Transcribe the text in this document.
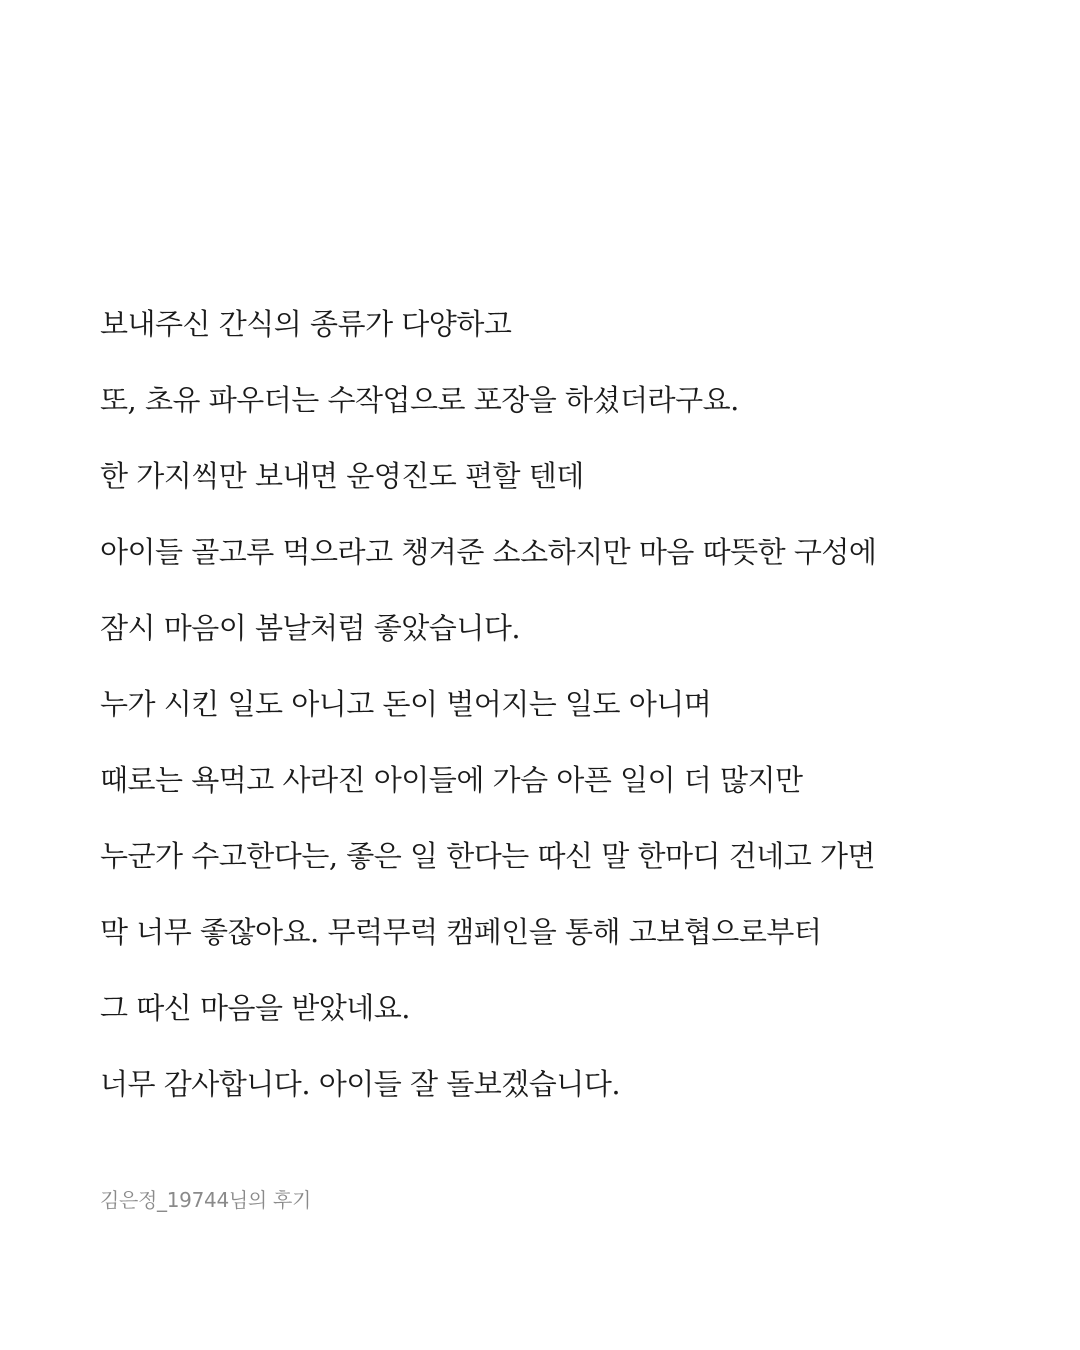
보내주신 간식의 종류가 다양하고
또, 초유 파우더는 수작업으로 포장을 하셨더라구요.
한 가지씩만 보내면 운영진도 편할 텐데
아이들 골고루 먹으라고 챙겨준 소소하지만 마음 따뜻한 구성에
잠시 마음이 봄날처럼 좋았습니다.
누가 시킨 일도 아니고 돈이 벌어지는 일도 아니며
때로는 욕먹고 사라진 아이들에 가슴 아픈 일이 더 많지만
누군가 수고한다는, 좋은 일 한다는 따신 말 한마디 건네고 가면
막 너무 좋잖아요. 무럭무럭 캠페인을 통해 고보협으로부터
그 따신 마음을 받았네요.
너무 감사합니다. 아이들 잘 돌보겠습니다.
김은정_19744님의 후기
